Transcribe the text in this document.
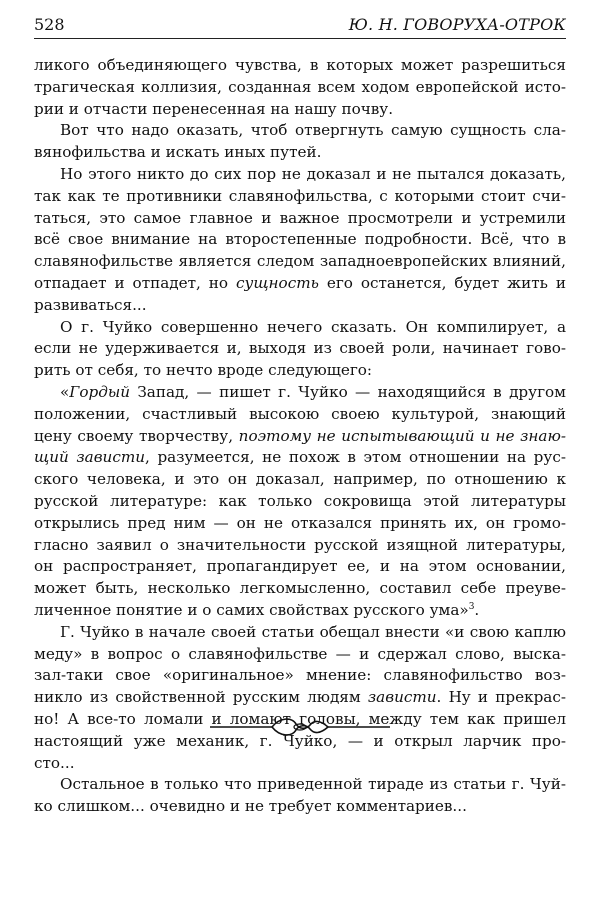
528	Ю. Н. ГОВОРУХА-ОТРОК

ликого объединяющего чувства, в которых может разрешиться
трагическая коллизия, созданная всем ходом европейской исто-
рии и отчасти перенесенная на нашу почву.

Вот что надо оказать, чтоб отвергнуть самую сущность сла-
вянофильства и искать иных путей.

Но этого никто до сих пор не доказал и не пытался доказать,
так как те противники славянофильства, с которыми стоит счи-
таться, это самое главное и важное просмотрели и устремили
всё свое внимание на второстепенные подробности. Всё, что в
славянофильстве является следом западноевропейских влияний,
отпадает и отпадет, но сущность его останется, будет жить и
развиваться...

О г. Чуйко совершенно нечего сказать. Он компилирует, а
если не удерживается и, выходя из своей роли, начинает гово-
рить от себя, то нечто вроде следующего:

«Гордый Запад, — пишет г. Чуйко — находящийся в другом
положении, счастливый высокою своею культурой, знающий
цену своему творчеству, поэтому не испытывающий и не знаю-
щий зависти, разумеется, не похож в этом отношении на рус-
ского человека, и это он доказал, например, по отношению к
русской литературе: как только сокровища этой литературы
открылись пред ним — он не отказался принять их, он громо-
гласно заявил о значительности русской изящной литературы,
он распространяет, пропагандирует ее, и на этом основании,
может быть, несколько легкомысленно, составил себе преуве-
личенное понятие и о самих свойствах русского ума»$^3$.

Г. Чуйко в начале своей статьи обещал внести «и свою каплю
меду» в вопрос о славянофильстве — и сдержал слово, выска-
зал-таки свое «оригинальное» мнение: славянофильство воз-
никло из свойственной русским людям зависти. Ну и прекрас-
но! А все-то ломали и ломают головы, между тем как пришел
настоящий уже механик, г. Чуйко, — и открыл ларчик про-
сто...

Остальное в только что приведенной тираде из статьи г. Чуй-
ко слишком... очевидно и не требует комментариев...
